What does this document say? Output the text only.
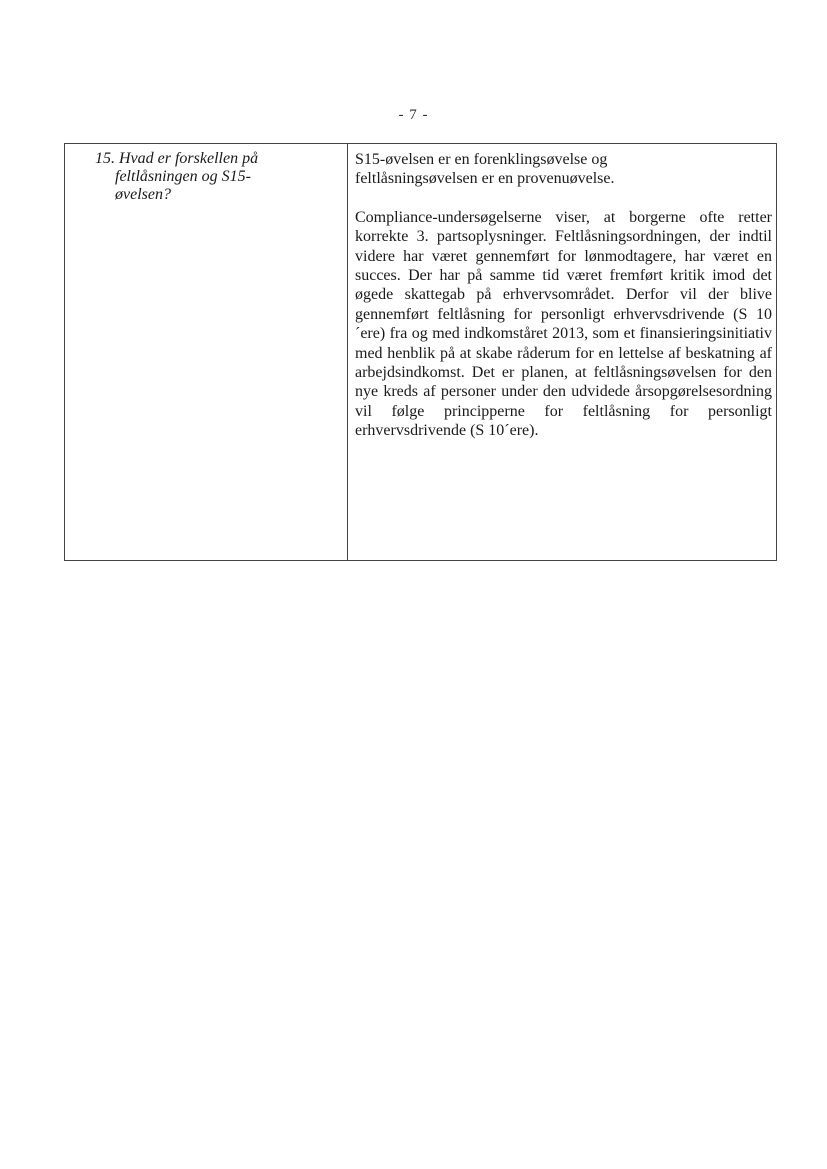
- 7 -
15. Hvad er forskellen på
feltlåsningen og S15-
øvelsen?

S15-øvelsen er en forenklingsøvelse og
feltlåsningsøvelsen er en provenuøvelse.

Compliance-undersøgelserne viser, at borgerne ofte retter korrekte 3. partsoplysninger. Feltlåsningsordningen, der indtil videre har været gennemført for lønmodtagere, har været en succes. Der har på samme tid været fremført kritik imod det øgede skattegab på erhvervsområdet. Derfor vil der blive gennemført feltlåsning for personligt erhvervsdrivende (S 10´ere) fra og med indkomståret 2013, som et finansieringsinitiativ med henblik på at skabe råderum for en lettelse af beskatning af arbejdsindkomst. Det er planen, at feltlåsningsøvelsen for den nye kreds af personer under den udvidede årsopgørelsesordning vil følge principperne for feltlåsning for personligt erhvervsdrivende (S 10´ere).
